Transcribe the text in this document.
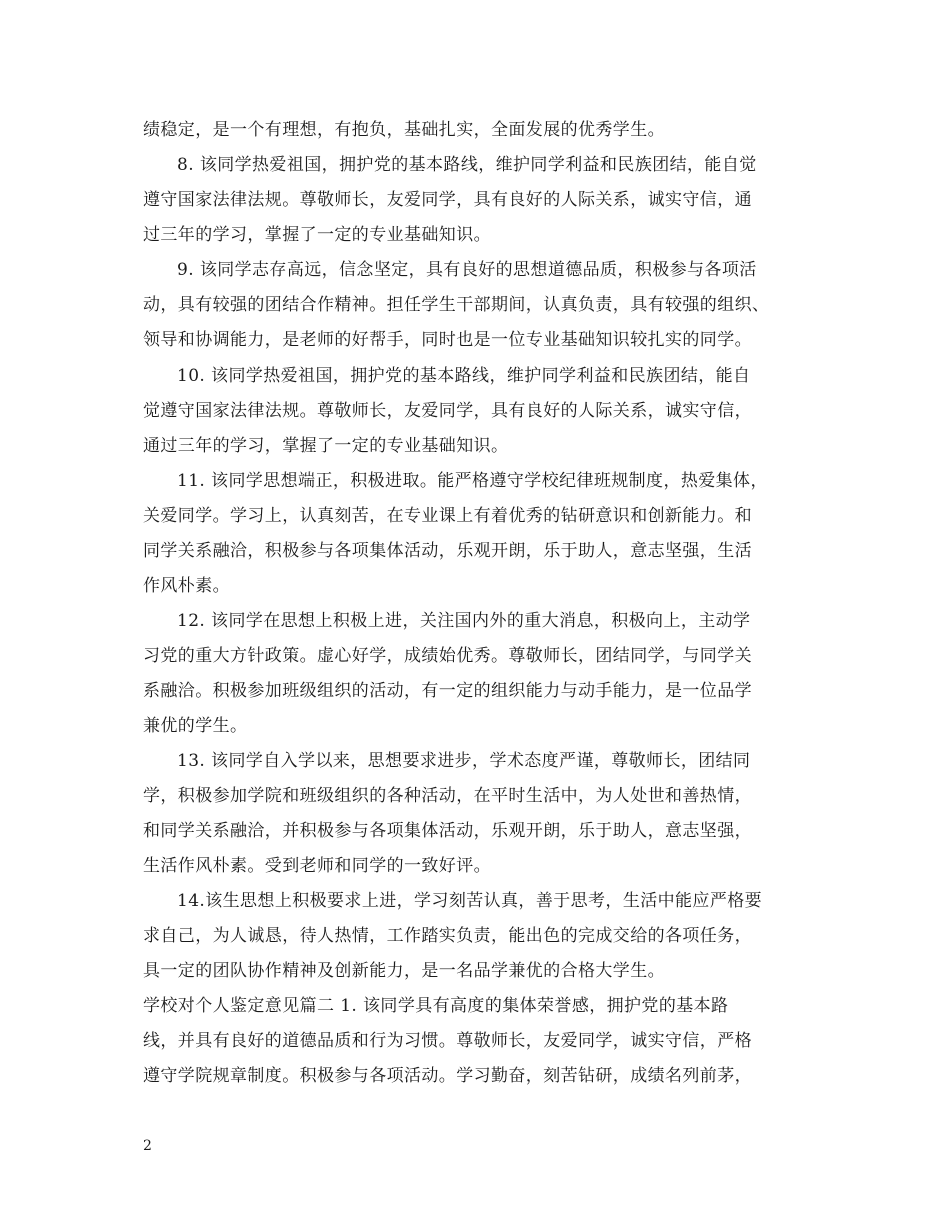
绩稳定，是一个有理想，有抱负，基础扎实，全面发展的优秀学生。
8. 该同学热爱祖国，拥护党的基本路线，维护同学利益和民族团结，能自觉
遵守国家法律法规。尊敬师长，友爱同学，具有良好的人际关系，诚实守信，通
过三年的学习，掌握了一定的专业基础知识。
9. 该同学志存高远，信念坚定，具有良好的思想道德品质，积极参与各项活
动，具有较强的团结合作精神。担任学生干部期间，认真负责，具有较强的组织、
领导和协调能力，是老师的好帮手，同时也是一位专业基础知识较扎实的同学。
10. 该同学热爱祖国，拥护党的基本路线，维护同学利益和民族团结，能自
觉遵守国家法律法规。尊敬师长，友爱同学，具有良好的人际关系，诚实守信，
通过三年的学习，掌握了一定的专业基础知识。
11. 该同学思想端正，积极进取。能严格遵守学校纪律班规制度，热爱集体，
关爱同学。学习上，认真刻苦，在专业课上有着优秀的钻研意识和创新能力。和
同学关系融洽，积极参与各项集体活动，乐观开朗，乐于助人，意志坚强，生活
作风朴素。
12. 该同学在思想上积极上进，关注国内外的重大消息，积极向上，主动学
习党的重大方针政策。虚心好学，成绩始优秀。尊敬师长，团结同学，与同学关
系融洽。积极参加班级组织的活动，有一定的组织能力与动手能力，是一位品学
兼优的学生。
13. 该同学自入学以来，思想要求进步，学术态度严谨，尊敬师长，团结同
学，积极参加学院和班级组织的各种活动，在平时生活中，为人处世和善热情，
和同学关系融洽，并积极参与各项集体活动，乐观开朗，乐于助人，意志坚强，
生活作风朴素。受到老师和同学的一致好评。
14.该生思想上积极要求上进，学习刻苦认真，善于思考，生活中能应严格要
求自己，为人诚恳，待人热情，工作踏实负责，能出色的完成交给的各项任务，
具一定的团队协作精神及创新能力，是一名品学兼优的合格大学生。
学校对个人鉴定意见篇二 1. 该同学具有高度的集体荣誉感，拥护党的基本路
线，并具有良好的道德品质和行为习惯。尊敬师长，友爱同学，诚实守信，严格
遵守学院规章制度。积极参与各项活动。学习勤奋，刻苦钻研，成绩名列前茅，
2
